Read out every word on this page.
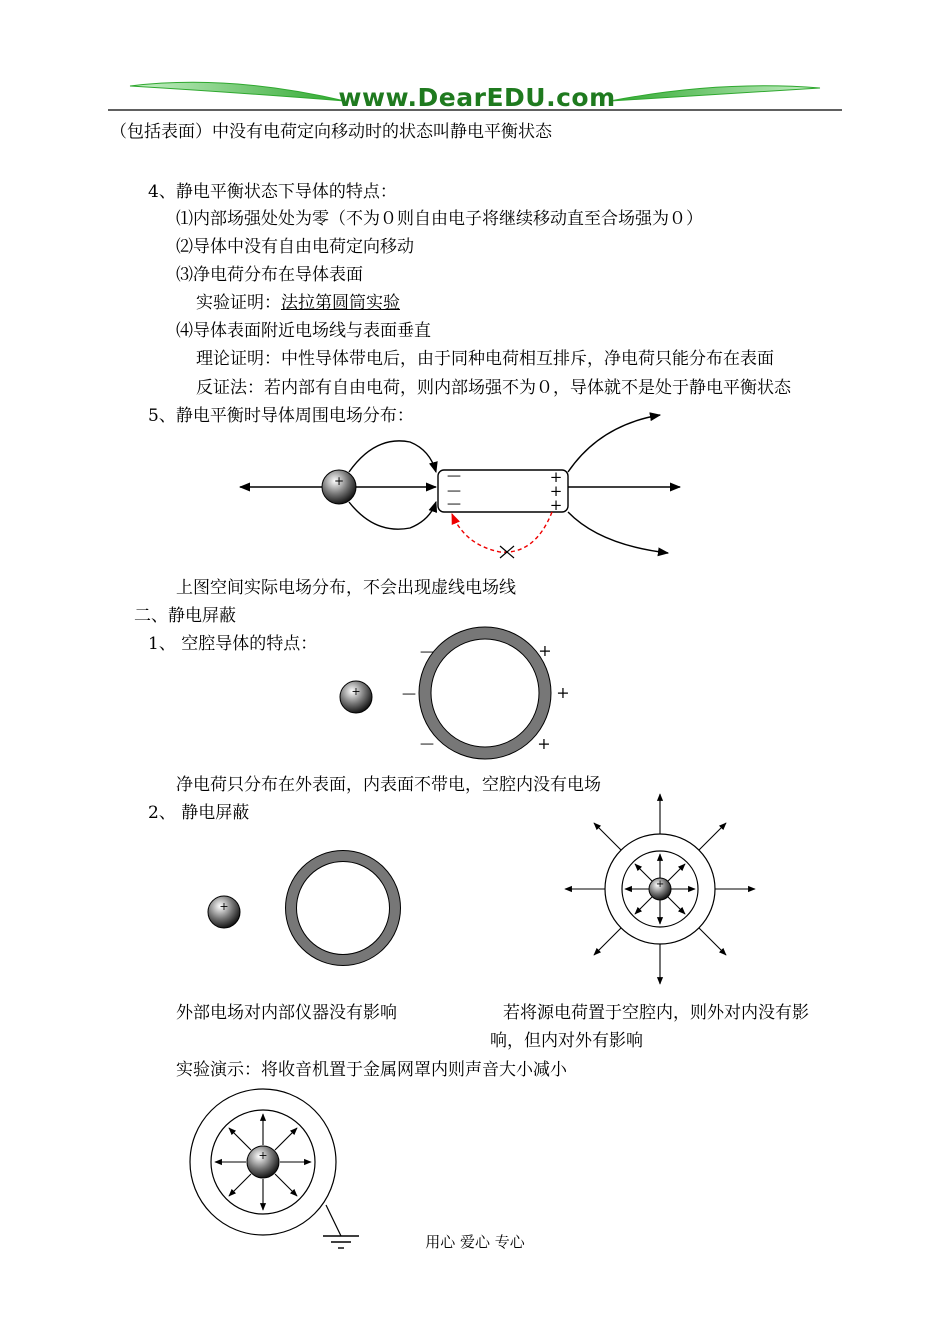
www.DearEDU.com
（包括表面）中没有电荷定向移动时的状态叫静电平衡状态
4、静电平衡状态下导体的特点：
⑴内部场强处处为零（不为０则自由电子将继续移动直至合场强为０）
⑵导体中没有自由电荷定向移动
⑶净电荷分布在导体表面
实验证明：法拉第圆筒实验
⑷导体表面附近电场线与表面垂直
理论证明：中性导体带电后，由于同种电荷相互排斥，净电荷只能分布在表面
反证法：若内部有自由电荷，则内部场强不为０，导体就不是处于静电平衡状态
5、静电平衡时导体周围电场分布：
+	—
—
—
+
+
+
上图空间实际电场分布，不会出现虚线电场线
二、静电屏蔽
1、 空腔导体的特点：
+
—
—
—
+
+
+
净电荷只分布在外表面，内表面不带电，空腔内没有电场
2、 静电屏蔽
+
+
外部电场对内部仪器没有影响	若将源电荷置于空腔内，则外对内没有影
响，但内对外有影响
实验演示：将收音机置于金属网罩内则声音大小减小
+
用心 爱心 专心
